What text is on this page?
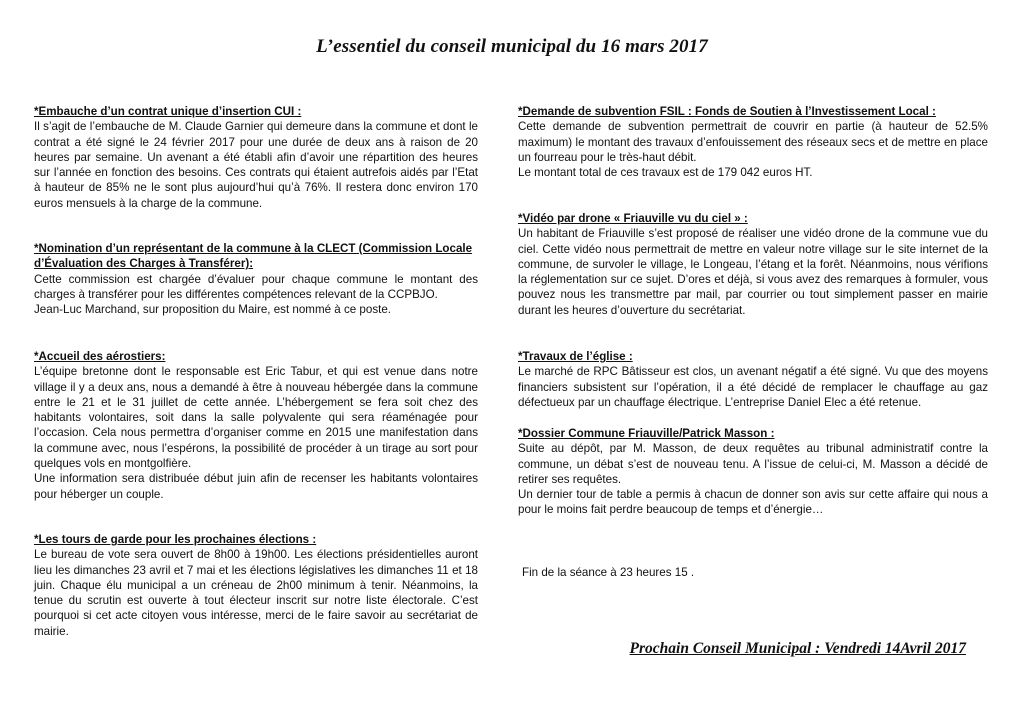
L’essentiel du conseil municipal du 16 mars 2017
*Embauche d’un contrat unique d’insertion CUI :

Il s’agit de l’embauche de M. Claude Garnier qui demeure dans la commune et dont le contrat a été signé le 24 février 2017 pour une durée de deux ans à raison de 20 heures par semaine. Un avenant a été établi afin d’avoir une répartition des heures sur l’année en fonction des besoins. Ces contrats qui étaient autrefois aidés par l’Etat à hauteur de 85% ne le sont plus aujourd’hui qu’à 76%. Il restera donc environ 170 euros mensuels à la charge de la commune.

*Nomination d’un représentant de la commune à la CLECT (Commission Locale d’Évaluation des Charges à Transférer):

Cette commission est chargée d’évaluer pour chaque commune le montant des charges à transférer pour les différentes compétences relevant de la CCPBJO.

Jean-Luc Marchand, sur proposition du Maire, est nommé à ce poste.

*Accueil des aérostiers:

L’équipe bretonne dont le responsable est Eric Tabur, et qui est venue dans notre village il y a deux ans, nous a demandé à être à nouveau hébergée dans la commune entre le 21 et le 31 juillet de cette année. L’hébergement se fera soit chez des habitants volontaires, soit dans la salle polyvalente qui sera réaménagée pour l’occasion. Cela nous permettra d’organiser comme en 2015 une manifestation dans la commune avec, nous l’espérons, la possibilité de procéder à un tirage au sort pour quelques vols en montgolfière.

Une information sera distribuée début juin afin de recenser les habitants volontaires pour héberger un couple.

*Les tours de garde pour les prochaines élections :

Le bureau de vote sera ouvert de 8h00 à 19h00. Les élections présidentielles auront lieu les dimanches 23 avril et 7 mai et les élections législatives les dimanches 11 et 18 juin. Chaque élu municipal a un créneau de 2h00 minimum à tenir. Néanmoins, la tenue du scrutin est ouverte à tout électeur inscrit sur notre liste électorale. C’est pourquoi si cet acte citoyen vous intéresse, merci de le faire savoir au secrétariat de mairie.

*Demande de subvention FSIL : Fonds de Soutien à l’Investissement Local :

Cette demande de subvention permettrait de couvrir en partie (à hauteur de 52.5% maximum) le montant des travaux d’enfouissement des réseaux secs et de mettre en place un fourreau pour le très-haut débit.

Le montant total de ces travaux est de 179 042 euros HT.

*Vidéo par drone « Friauville vu du ciel » :

Un habitant de Friauville s’est proposé de réaliser une vidéo drone de la commune vue du ciel. Cette vidéo nous permettrait de mettre en valeur notre village sur le site internet de la commune, de survoler le village, le Longeau, l’étang et la forêt. Néanmoins, nous vérifions la réglementation sur ce sujet. D’ores et déjà, si vous avez des remarques à formuler, vous pouvez nous les transmettre par mail, par courrier ou tout simplement passer en mairie durant les heures d’ouverture du secrétariat.

*Travaux de l’église :

Le marché de RPC Bâtisseur est clos, un avenant négatif a été signé. Vu que des moyens financiers subsistent sur l’opération, il a été décidé de remplacer le chauffage au gaz défectueux par un chauffage électrique. L’entreprise Daniel Elec a été retenue.

*Dossier Commune Friauville/Patrick Masson :

Suite au dépôt, par M. Masson, de deux requêtes au tribunal administratif contre la commune, un débat s’est de nouveau tenu. A l’issue de celui-ci, M. Masson a décidé de retirer ses requêtes.

Un dernier tour de table a permis à chacun de donner son avis sur cette affaire qui nous a pour le moins fait perdre beaucoup de temps et d’énergie…

Fin de la séance à 23 heures 15 .

Prochain Conseil Municipal : Vendredi 14Avril 2017
